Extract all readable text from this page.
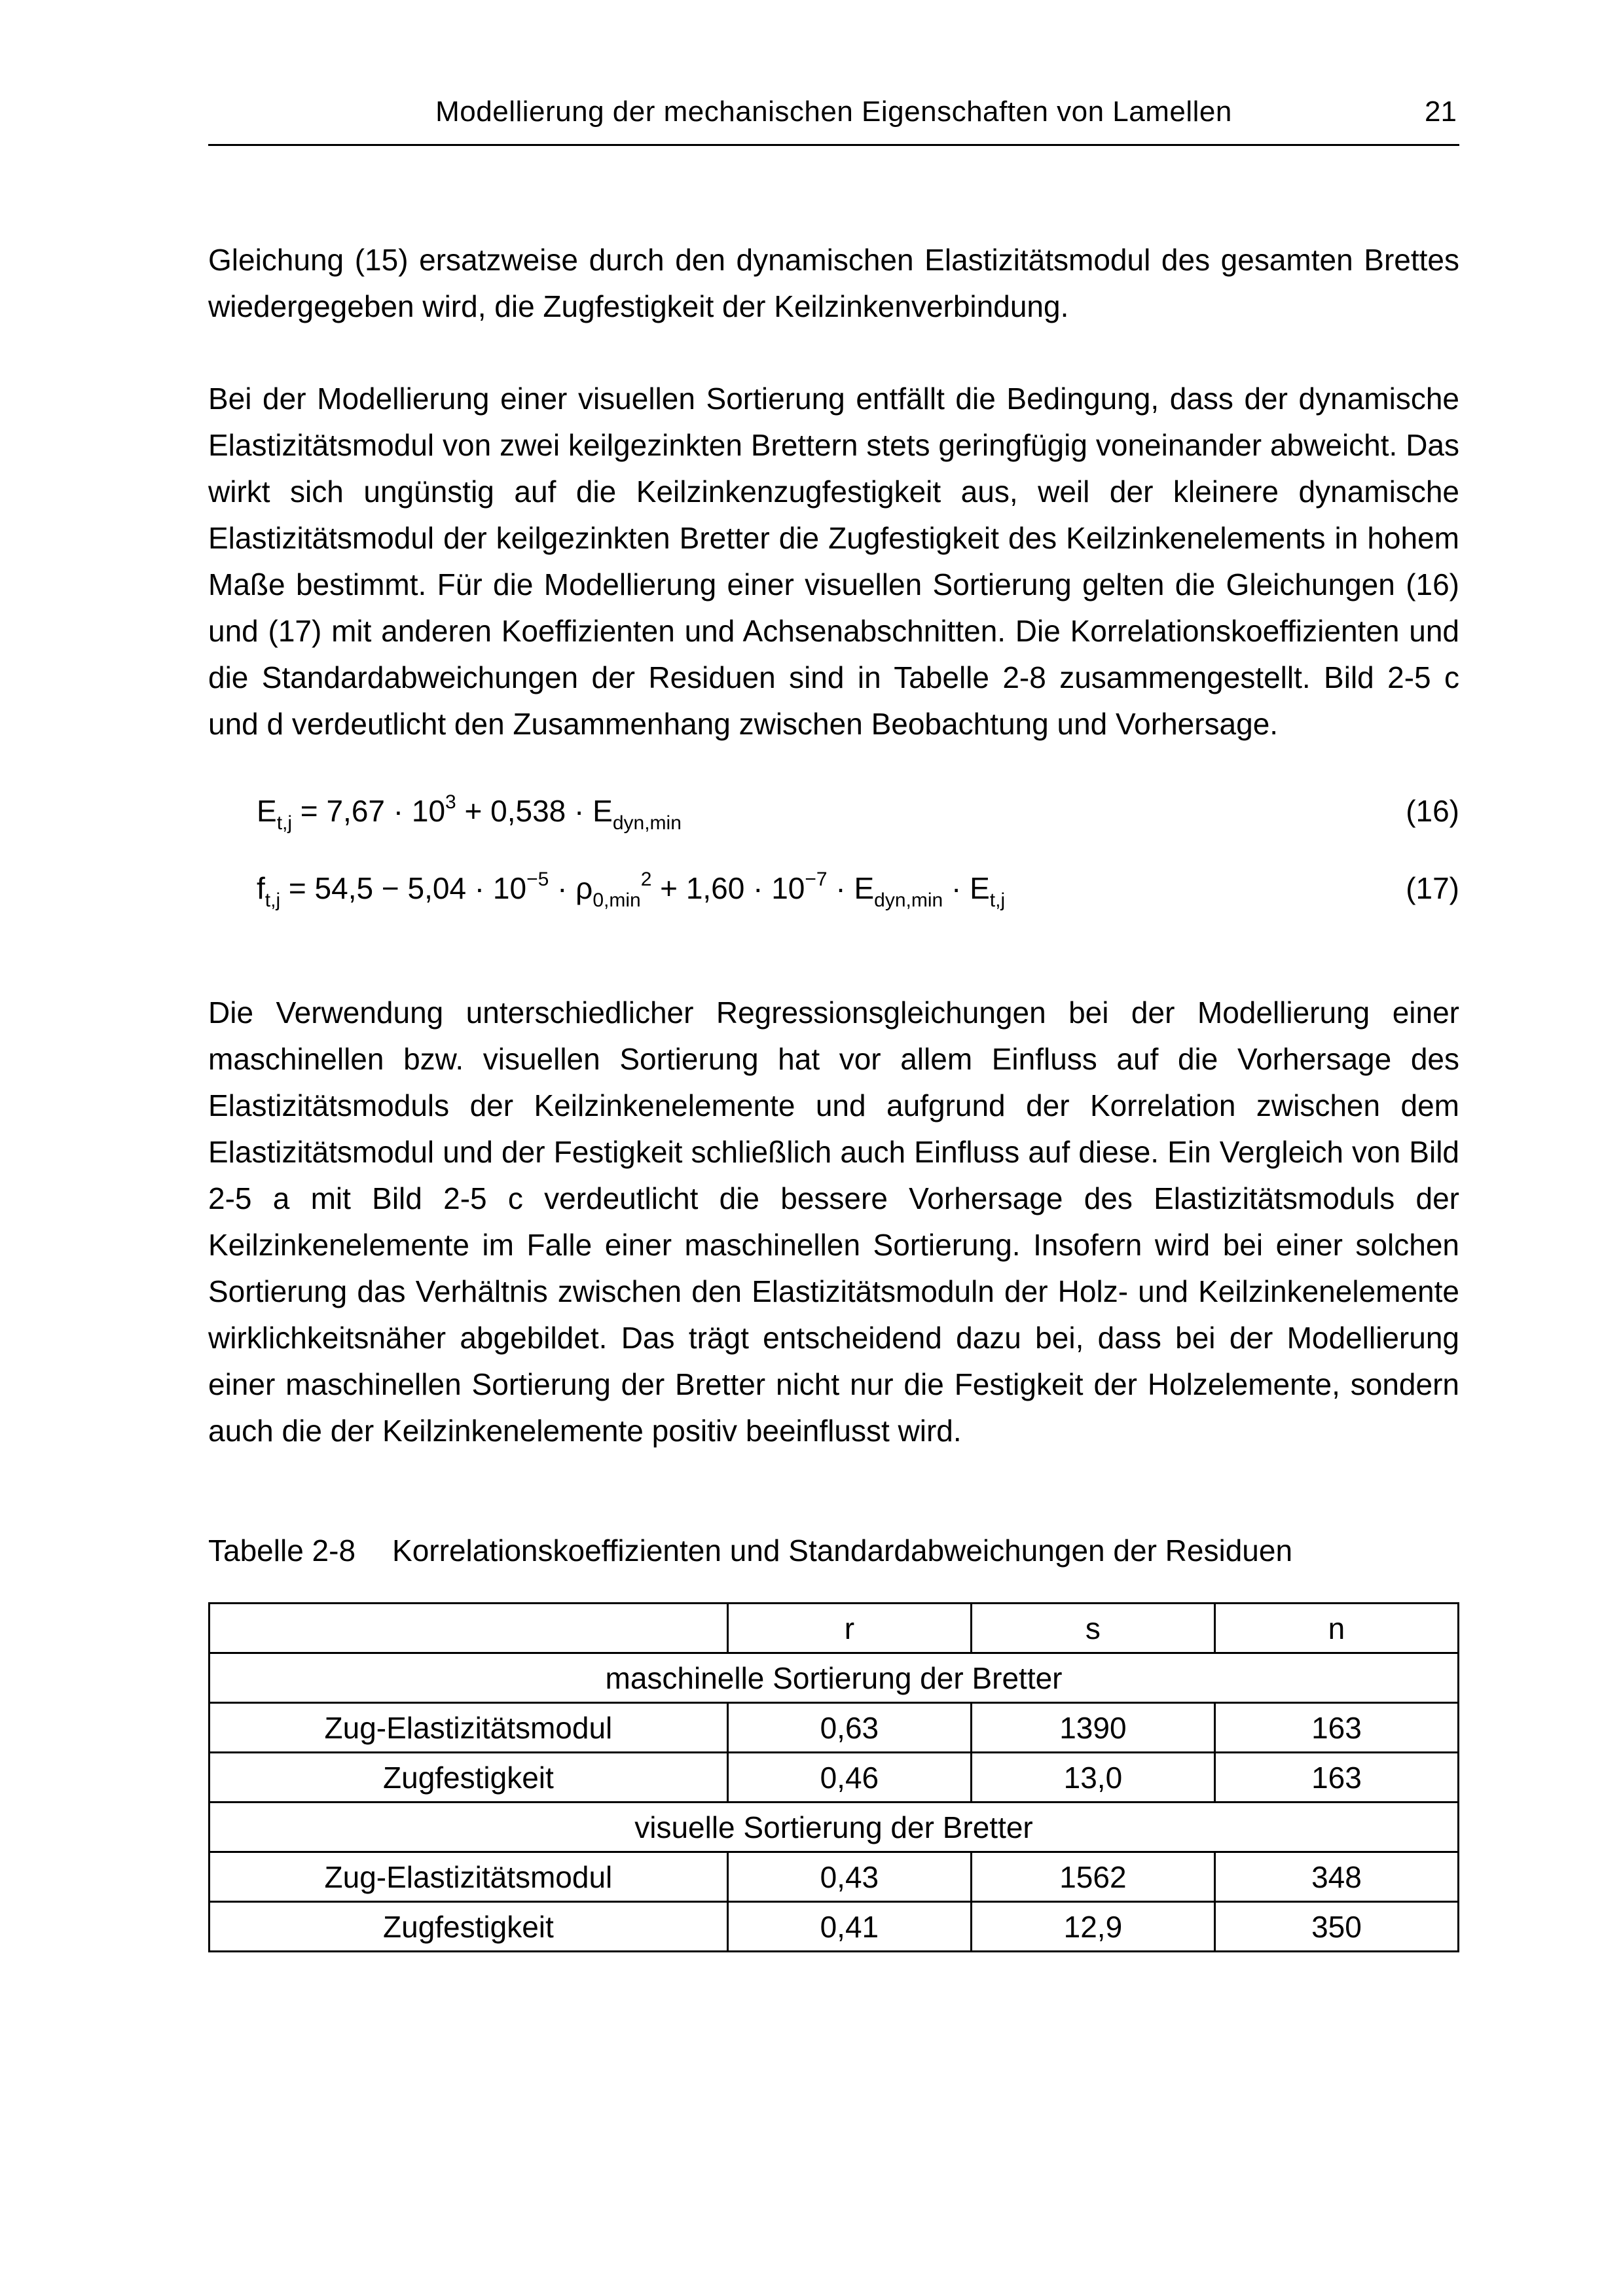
Modellierung der mechanischen Eigenschaften von Lamellen	21

Gleichung (15) ersatzweise durch den dynamischen Elastizitätsmodul des gesamten Brettes wiedergegeben wird, die Zugfestigkeit der Keilzinkenverbindung.

Bei der Modellierung einer visuellen Sortierung entfällt die Bedingung, dass der dynamische Elastizitätsmodul von zwei keilgezinkten Brettern stets geringfügig voneinander abweicht. Das wirkt sich ungünstig auf die Keilzinkenzugfestigkeit aus, weil der kleinere dynamische Elastizitätsmodul der keilgezinkten Bretter die Zugfestigkeit des Keilzinkenelements in hohem Maße bestimmt. Für die Modellierung einer visuellen Sortierung gelten die Gleichungen (16) und (17) mit anderen Koeffizienten und Achsenabschnitten. Die Korrelationskoeffizienten und die Standardabweichungen der Residuen sind in Tabelle 2-8 zusammengestellt. Bild 2-5 c und d verdeutlicht den Zusammenhang zwischen Beobachtung und Vorhersage.

$E_{t,j} = 7,67 \cdot 10^3 + 0,538 \cdot E_{dyn,min}$	(16)
$f_{t,j} = 54,5 - 5,04 \cdot 10^{-5} \cdot \rho_{0,min}^2 + 1,60 \cdot 10^{-7} \cdot E_{dyn,min} \cdot E_{t,j}$	(17)

Die Verwendung unterschiedlicher Regressionsgleichungen bei der Modellierung einer maschinellen bzw. visuellen Sortierung hat vor allem Einfluss auf die Vorhersage des Elastizitätsmoduls der Keilzinkenelemente und aufgrund der Korrelation zwischen dem Elastizitätsmodul und der Festigkeit schließlich auch Einfluss auf diese. Ein Vergleich von Bild 2-5 a mit Bild 2-5 c verdeutlicht die bessere Vorhersage des Elastizitätsmoduls der Keilzinkenelemente im Falle einer maschinellen Sortierung. Insofern wird bei einer solchen Sortierung das Verhältnis zwischen den Elastizitätsmoduln der Holz- und Keilzinkenelemente wirklichkeitsnäher abgebildet. Das trägt entscheidend dazu bei, dass bei der Modellierung einer maschinellen Sortierung der Bretter nicht nur die Festigkeit der Holzelemente, sondern auch die der Keilzinkenelemente positiv beeinflusst wird.

Tabelle 2-8 Korrelationskoeffizienten und Standardabweichungen der Residuen
	r	s	n
maschinelle Sortierung der Bretter			
Zug-Elastizitätsmodul	0,63	1390	163
Zugfestigkeit	0,46	13,0	163
visuelle Sortierung der Bretter			
Zug-Elastizitätsmodul	0,43	1562	348
Zugfestigkeit	0,41	12,9	350
